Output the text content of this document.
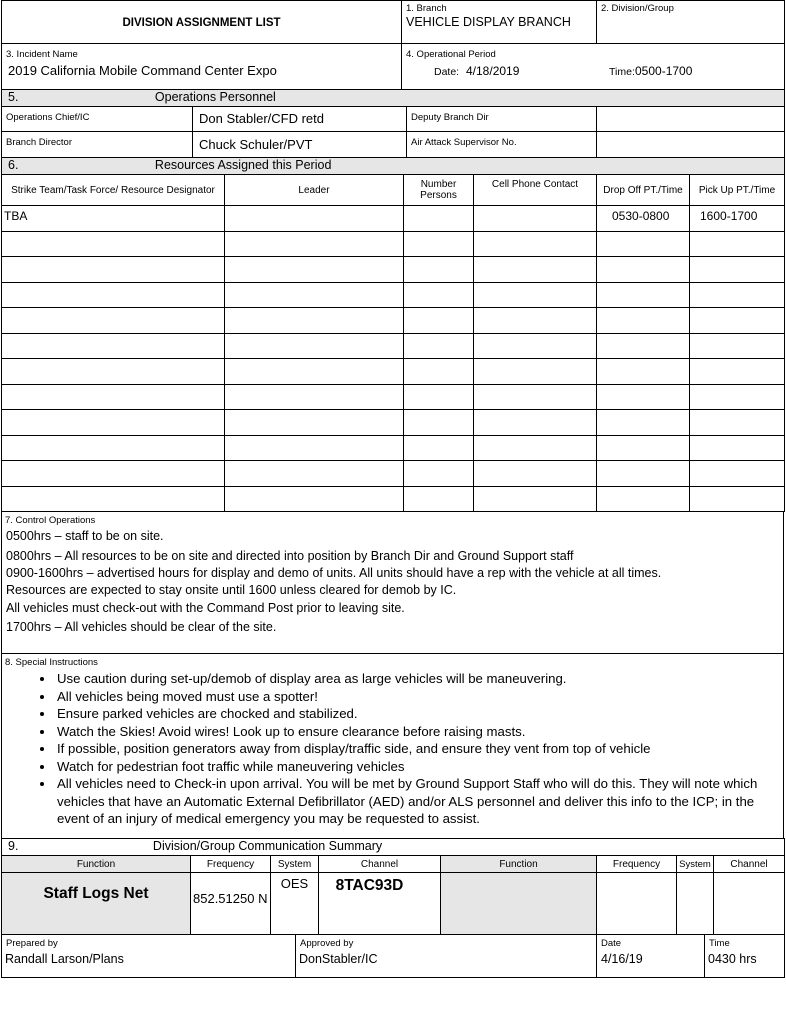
DIVISION ASSIGNMENT LIST	1. Branch
VEHICLE DISPLAY BRANCH	2. Division/Group

3. Incident Name
2019 California Mobile Command Center Expo	4. Operational Period
Date: 4/18/2019 Time: 0500-1700	
5. Operations Personnel			

Operations Chief/IC	Don Stabler/CFD retd	Deputy Branch Dir	

Branch Director	Chuck Schuler/PVT	Air Attack Supervisor No.	

6. Resources Assigned this Period					
Strike Team/Task Force/ Resource Designator	Leader	Number Persons	Cell Phone Contact	Drop Off PT./Time	Pick Up PT./Time
TBA				0530-0800	1600-1700

7. Control Operations
0500hrs – staff to be on site.
0800hrs – All resources to be on site and directed into position by Branch Dir and Ground Support staff
0900-1600hrs – advertised hours for display and demo of units. All units should have a rep with the vehicle at all times.
Resources are expected to stay onsite until 1600 unless cleared for demob by IC.
All vehicles must check-out with the Command Post prior to leaving site.
1700hrs – All vehicles should be clear of the site.
8. Special Instructions
• Use caution during set-up/demob of display area as large vehicles will be maneuvering.
• All vehicles being moved must use a spotter!
• Ensure parked vehicles are chocked and stabilized.
• Watch the Skies! Avoid wires! Look up to ensure clearance before raising masts.
• If possible, position generators away from display/traffic side, and ensure they vent from top of vehicle
• Watch for pedestrian foot traffic while maneuvering vehicles
• All vehicles need to Check-in upon arrival. You will be met by Ground Support Staff who will do this. They will note which vehicles that have an Automatic External Defibrillator (AED) and/or ALS personnel and deliver this info to the ICP; in the event of an injury of medical emergency you may be requested to assist.
9. Division/Group Communication Summary							
Function	Frequency	System	Channel	Function	Frequency	System	Channel

Staff Logs Net	852.51250 N	OES	8TAC93D				

Prepared by
Randall Larson/Plans

Approved by
DonStabler/IC

Date
4/16/19

Time
0430 hrs
